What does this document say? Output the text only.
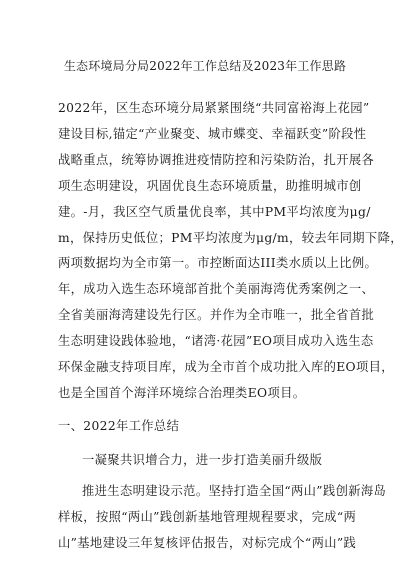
生态环境局分局2022年工作总结及2023年工作思路
2022年，区生态环境分局紧紧围绕“共同富裕海上花园”
建设目标,锚定“产业聚变、城市蝶变、幸福跃变”阶段性
战略重点，统筹协调推进疫情防控和污染防治，扎开展各
项生态明建设，巩固优良生态环境质量，助推明城市创
建。-月，我区空气质量优良率，其中PM平均浓度为μg/
m，保持历史低位；PM平均浓度为μg/m，较去年同期下降，
两项数据均为全市第一。市控断面达III类水质以上比例。
年，成功入选生态环境部首批个美丽海湾优秀案例之一、
全省美丽海湾建设先行区。并作为全市唯一，批全省首批
生态明建设践体验地，“诸湾·花园”EO项目成功入选生态
环保金融支持项目库，成为全市首个成功批入库的EO项目，
也是全国首个海洋环境综合治理类EO项目。
一、2022年工作总结
一凝聚共识增合力，进一步打造美丽升级版
推进生态明建设示范。坚持打造全国“两山”践创新海岛
样板，按照“两山”践创新基地管理规程要求，完成“两
山”基地建设三年复核评估报告，对标完成个“两山”践
